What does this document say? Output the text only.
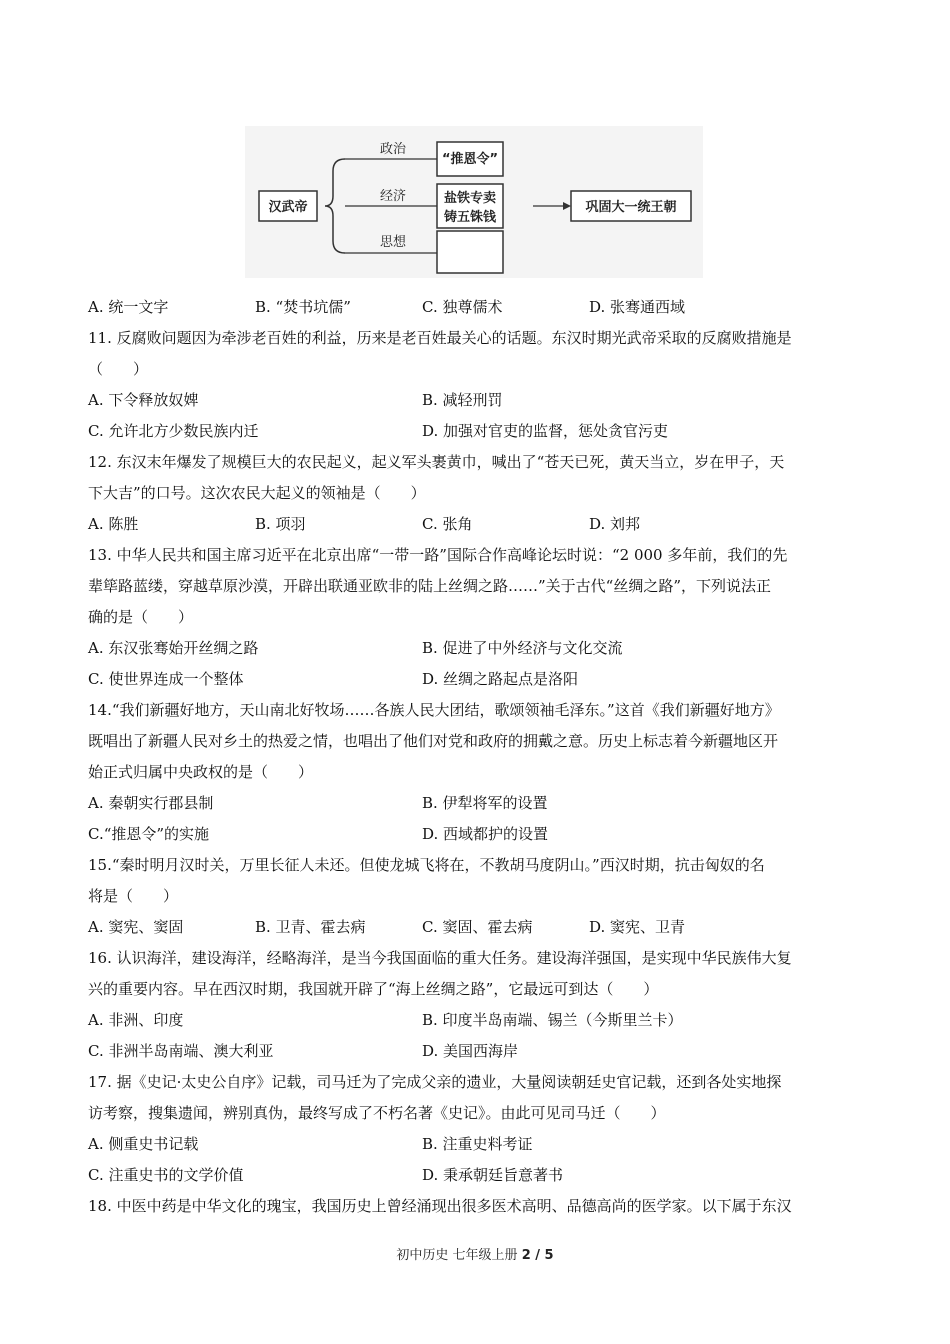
汉武帝
政治
经济
思想
“推恩令”
盐铁专卖
铸五铢钱
巩固大一统王朝
A. 统一文字	B. “焚书坑儒”	C. 独尊儒术	D. 张骞通西域
11. 反腐败问题因为牵涉老百姓的利益，历来是老百姓最关心的话题。东汉时期光武帝采取的反腐败措施是
（　　）
A. 下令释放奴婢	B. 减轻刑罚
C. 允许北方少数民族内迁	D. 加强对官吏的监督，惩处贪官污吏
12. 东汉末年爆发了规模巨大的农民起义，起义军头裹黄巾，喊出了“苍天已死，黄天当立，岁在甲子，天
下大吉”的口号。这次农民大起义的领袖是（　　）
A. 陈胜	B. 项羽	C. 张角	D. 刘邦
13. 中华人民共和国主席习近平在北京出席“一带一路”国际合作高峰论坛时说：“2 000 多年前，我们的先
辈筚路蓝缕，穿越草原沙漠，开辟出联通亚欧非的陆上丝绸之路……”关于古代“丝绸之路”，下列说法正
确的是（　　）
A. 东汉张骞始开丝绸之路	B. 促进了中外经济与文化交流
C. 使世界连成一个整体	D. 丝绸之路起点是洛阳
14.“我们新疆好地方，天山南北好牧场……各族人民大团结，歌颂领袖毛泽东。”这首《我们新疆好地方》
既唱出了新疆人民对乡土的热爱之情，也唱出了他们对党和政府的拥戴之意。历史上标志着今新疆地区开
始正式归属中央政权的是（　　）
A. 秦朝实行郡县制	B. 伊犁将军的设置
C.“推恩令”的实施	D. 西域都护的设置
15.“秦时明月汉时关，万里长征人未还。但使龙城飞将在，不教胡马度阴山。”西汉时期，抗击匈奴的名
将是（　　）
A. 窦宪、窦固	B. 卫青、霍去病	C. 窦固、霍去病	D. 窦宪、卫青
16. 认识海洋，建设海洋，经略海洋，是当今我国面临的重大任务。建设海洋强国，是实现中华民族伟大复
兴的重要内容。早在西汉时期，我国就开辟了“海上丝绸之路”，它最远可到达（　　）
A. 非洲、印度	B. 印度半岛南端、锡兰（今斯里兰卡）
C. 非洲半岛南端、澳大利亚	D. 美国西海岸
17. 据《史记·太史公自序》记载，司马迁为了完成父亲的遗业，大量阅读朝廷史官记载，还到各处实地探
访考察，搜集遗闻，辨别真伪，最终写成了不朽名著《史记》。由此可见司马迁（　　）
A. 侧重史书记载	B. 注重史料考证
C. 注重史书的文学价值	D. 秉承朝廷旨意著书
18. 中医中药是中华文化的瑰宝，我国历史上曾经涌现出很多医术高明、品德高尚的医学家。以下属于东汉
初中历史 七年级上册 2 / 5
